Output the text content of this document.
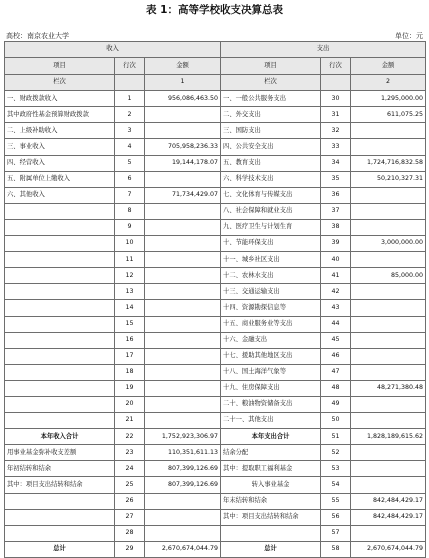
表 1：高等学校收支决算总表
高校：南京农业大学	单位：元
收入			支出		
项目	行次	金额	项目	行次	金额
栏次		1	栏次		2
一、财政拨款收入	1	956,086,463.50	一、一般公共服务支出	30	1,295,000.00
其中政府性基金预算财政拨款	2		二、外交支出	31	611,075.25
二、上级补助收入	3		三、国防支出	32	
三、事业收入	4	705,958,236.33	四、公共安全支出	33	
四、经营收入	5	19,144,178.07	五、教育支出	34	1,724,716,832.58
五、附属单位上缴收入	6		六、科学技术支出	35	50,210,327.31
六、其他收入	7	71,734,429.07	七、文化体育与传媒支出	36	
	8		八、社会保障和就业支出	37	
	9		九、医疗卫生与计划生育	38	
	10		十、节能环保支出	39	3,000,000.00
	11		十一、城乡社区支出	40	
	12		十二、农林水支出	41	85,000.00
	13		十三、交通运输支出	42	
	14		十四、资源勘探信息等	43	
	15		十五、商业服务业等支出	44	
	16		十六、金融支出	45	
	17		十七、援助其他地区支出	46	
	18		十八、国土海洋气象等	47	
	19		十九、住房保障支出	48	48,271,380.48
	20		二十、粮油物资储备支出	49	
	21		二十一、其他支出	50	
本年收入合计	22	1,752,923,306.97	本年支出合计	51	1,828,189,615.62
用事业基金弥补收支差额	23	110,351,611.13	结余分配	52	
年初结转和结余	24	807,399,126.69	其中：提取职工福利基金	53	
其中：项目支出结转和结余	25	807,399,126.69	转入事业基金	54	
	26		年末结转和结余	55	842,484,429.17
	27		其中：项目支出结转和结余	56	842,484,429.17
	28			57	
总计	29	2,670,674,044.79	总计	58	2,670,674,044.79
